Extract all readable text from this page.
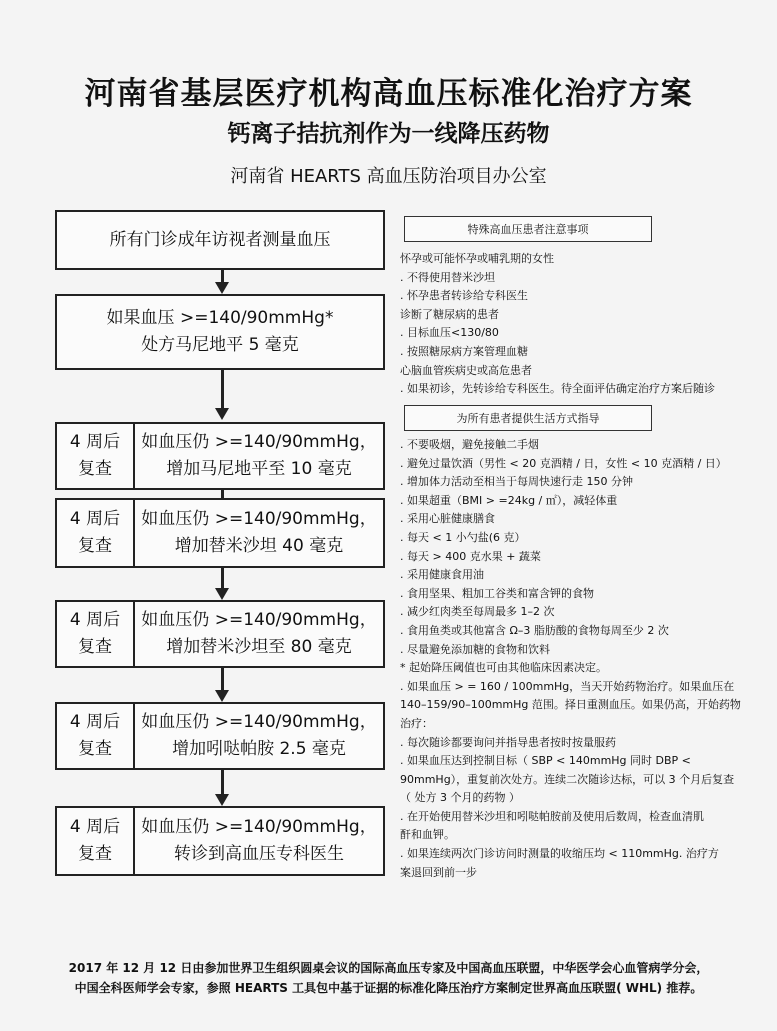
河南省基层医疗机构高血压标准化治疗方案
钙离子拮抗剂作为一线降压药物
河南省 HEARTS 高血压防治项目办公室
所有门诊成年访视者测量血压
如果血压 >=140/90mmHg*
处方马尼地平 5 毫克
4 周后
复查
如血压仍 >=140/90mmHg，
增加马尼地平至 10 毫克
4 周后
复查
如血压仍 >=140/90mmHg，
增加替米沙坦 40 毫克
4 周后
复查
如血压仍 >=140/90mmHg，
增加替米沙坦至 80 毫克
4 周后
复查
如血压仍 >=140/90mmHg，
增加吲哒帕胺 2.5 毫克
4 周后
复查
如血压仍 >=140/90mmHg，
转诊到高血压专科医生
特殊高血压患者注意事项
怀孕或可能怀孕或哺乳期的女性
. 不得使用替米沙坦
. 怀孕患者转诊给专科医生
诊断了糖尿病的患者
. 目标血压<130/80
. 按照糖尿病方案管理血糖
心脑血管疾病史或高危患者
. 如果初诊，先转诊给专科医生。待全面评估确定治疗方案后随诊
为所有患者提供生活方式指导
. 不要吸烟，避免接触二手烟
. 避免过量饮酒（男性 < 20 克酒精 / 日，女性 < 10 克酒精 / 日）
. 增加体力活动至相当于每周快速行走 150 分钟
. 如果超重（BMI > =24kg / ㎡），减轻体重
. 采用心脏健康膳食
. 每天 < 1 小勺盐(6 克）
. 每天 > 400 克水果 + 蔬菜
. 采用健康食用油
. 食用坚果、粗加工谷类和富含钾的食物
. 减少红肉类至每周最多 1–2 次
. 食用鱼类或其他富含 Ω–3 脂肪酸的食物每周至少 2 次
. 尽量避免添加糖的食物和饮料
* 起始降压阈值也可由其他临床因素决定。
. 如果血压 > = 160 / 100mmHg，当天开始药物治疗。如果血压在
140–159/90–100mmHg 范围。择日重测血压。如果仍高，开始药物
治疗：
. 每次随诊都要询问并指导患者按时按量服药
. 如果血压达到控制目标（ SBP < 140mmHg 同时 DBP <
90mmHg），重复前次处方。连续二次随诊达标，可以 3 个月后复查
（ 处方 3 个月的药物 ）
. 在开始使用替米沙坦和吲哒帕胺前及使用后数周，检查血清肌
酐和血钾。
. 如果连续两次门诊访问时测量的收缩压均 < 110mmHg. 治疗方
案退回到前一步
2017 年 12 月 12 日由参加世界卫生组织圆桌会议的国际高血压专家及中国高血压联盟，中华医学会心血管病学分会，
中国全科医师学会专家，参照 HEARTS 工具包中基于证据的标准化降压治疗方案制定世界高血压联盟( WHL) 推荐。
